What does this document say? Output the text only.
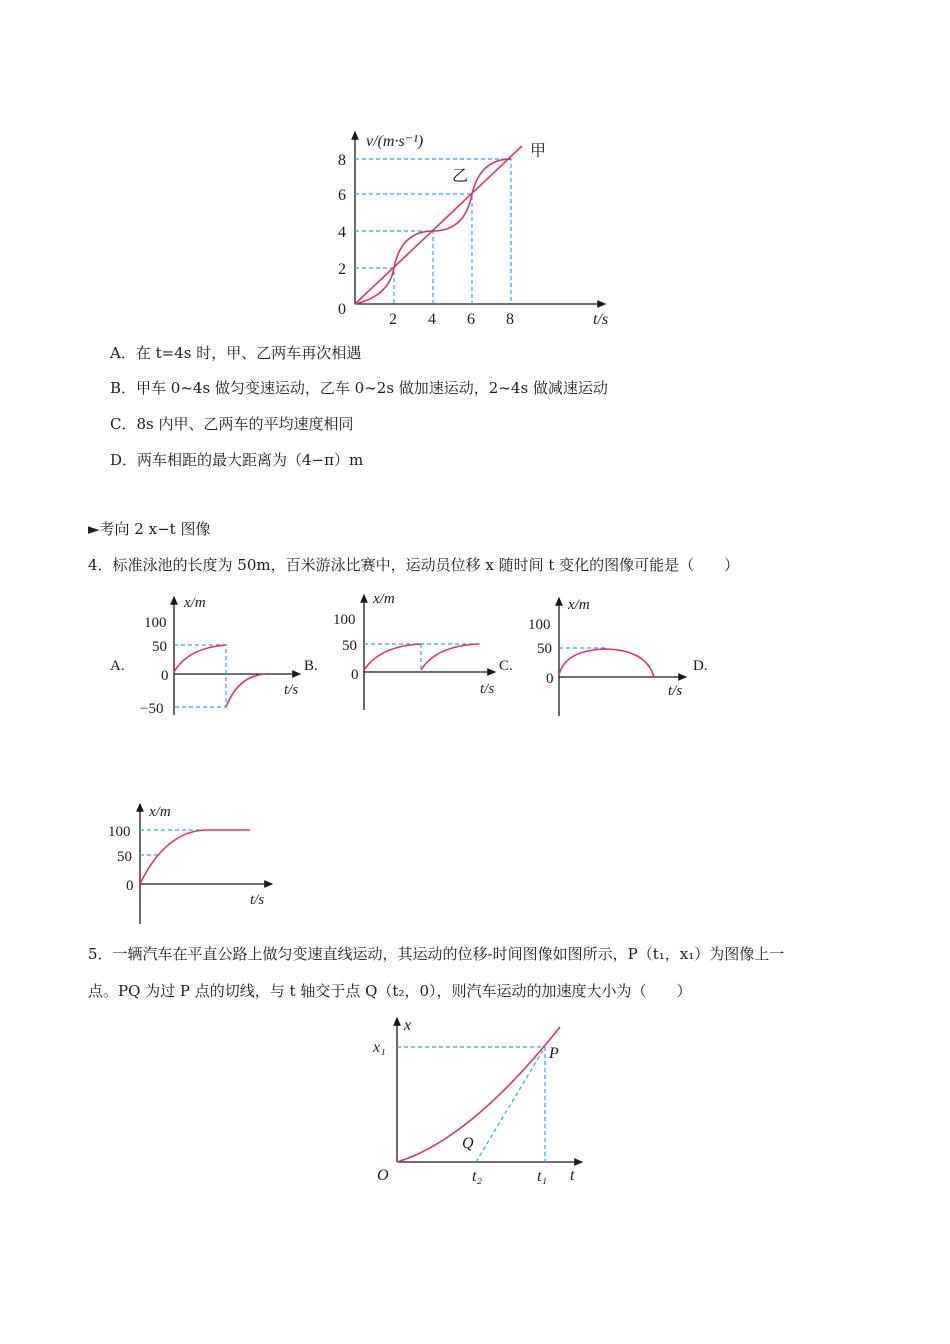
v/(m·s⁻¹)
t/s
0
2
4
6
8
2 4 6 8
甲
乙
A．在 t=4s 时，甲、乙两车再次相遇
B．甲车 0~4s 做匀变速运动，乙车 0~2s 做加速运动，2~4s 做减速运动
C．8s 内甲、乙两车的平均速度相同
D．两车相距的最大距离为（4−π）m
►考向 2 x−t 图像
4．标准泳池的长度为 50m，百米游泳比赛中，运动员位移 x 随时间 t 变化的图像可能是（　　）
x/m
t/s
100
50
0
−50
x/m
t/s
100
50
0
x/m
t/s
100
50
0
x/m
t/s
100
50
0
A.	B.	C.	D.
5．一辆汽车在平直公路上做匀变速直线运动，其运动的位移-时间图像如图所示，P（t₁，x₁）为图像上一
点。PQ 为过 P 点的切线，与 t 轴交于点 Q（t₂，0），则汽车运动的加速度大小为（　　）
x
t
O
x₁	P
Q
t₂	t₁
